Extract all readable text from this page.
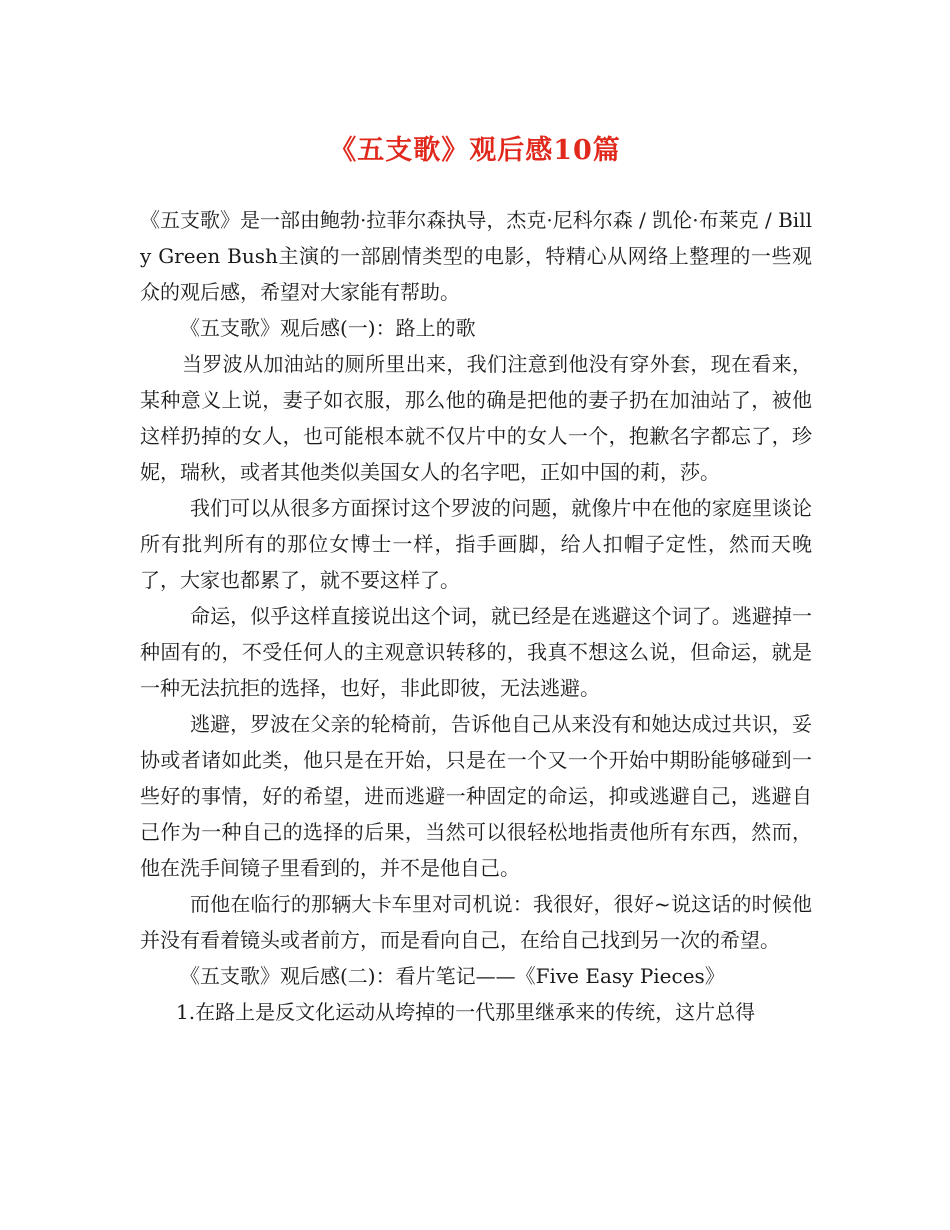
《五支歌》观后感10篇

《五支歌》是一部由鲍勃·拉菲尔森执导，杰克·尼科尔森 / 凯伦·布莱克 / Billy Green Bush主演的一部剧情类型的电影，特精心从网络上整理的一些观众的观后感，希望对大家能有帮助。

《五支歌》观后感(一)：路上的歌

当罗波从加油站的厕所里出来，我们注意到他没有穿外套，现在看来，某种意义上说，妻子如衣服，那么他的确是把他的妻子扔在加油站了，被他这样扔掉的女人，也可能根本就不仅片中的女人一个，抱歉名字都忘了，珍妮，瑞秋，或者其他类似美国女人的名字吧，正如中国的莉，莎。

我们可以从很多方面探讨这个罗波的问题，就像片中在他的家庭里谈论所有批判所有的那位女博士一样，指手画脚，给人扣帽子定性，然而天晚了，大家也都累了，就不要这样了。

命运，似乎这样直接说出这个词，就已经是在逃避这个词了。逃避掉一种固有的，不受任何人的主观意识转移的，我真不想这么说，但命运，就是一种无法抗拒的选择，也好，非此即彼，无法逃避。

逃避，罗波在父亲的轮椅前，告诉他自己从来没有和她达成过共识，妥协或者诸如此类，他只是在开始，只是在一个又一个开始中期盼能够碰到一些好的事情，好的希望，进而逃避一种固定的命运，抑或逃避自己，逃避自己作为一种自己的选择的后果，当然可以很轻松地指责他所有东西，然而，他在洗手间镜子里看到的，并不是他自己。

而他在临行的那辆大卡车里对司机说：我很好，很好~说这话的时候他并没有看着镜头或者前方，而是看向自己，在给自己找到另一次的希望。

《五支歌》观后感(二)：看片笔记——《Five Easy Pieces》

1.在路上是反文化运动从垮掉的一代那里继承来的传统，这片总得
